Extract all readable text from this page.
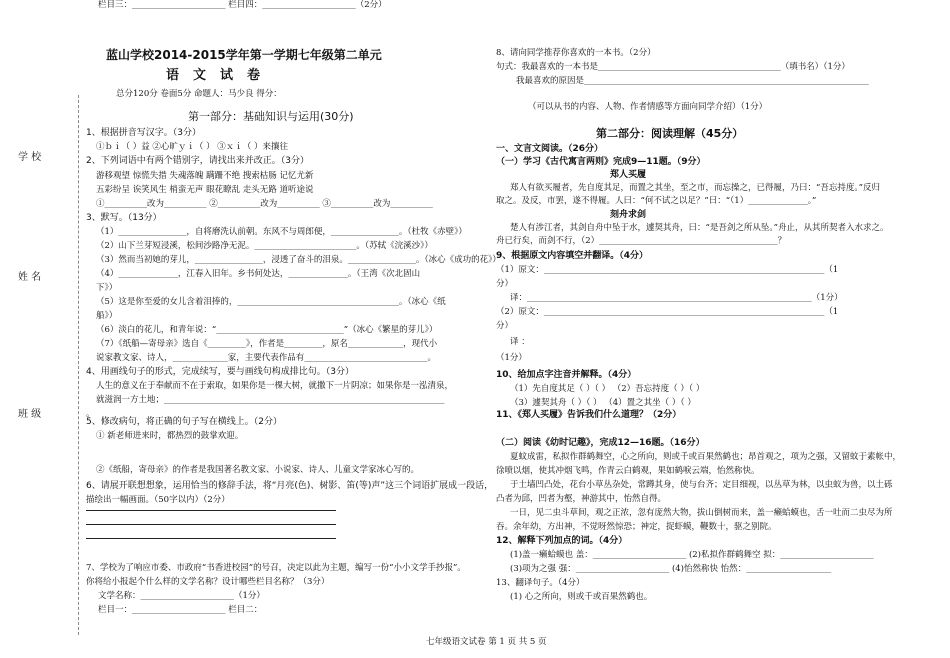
学 校
姓 名
班 级
蓝山学校2014-2015学年第一学期七年级第二单元
语文试卷
总分120分 卷面5分 命题人：马少良 得分：
第一部分：基础知识与运用(30分)
1、根据拼音写汉字。（3分）
①ｂｉ（ ）益 ②心旷ｙｉ（ ） ③ｘｉ（ ）来攘往
2、下列词语中有两个错别字，请找出来并改正。（3分）
游移观望 惊慌失措 失魂落魄 蹒跚不绝 搜索枯肠 记忆尤新
五彩纷呈 诶笑风生 梢蛮无声 眼花瞭乱 走头无路 道听途说
①__________改为__________ ②__________改为__________ ③__________改为__________
3、默写。（13分）
（1）________________，自将磨洗认前朝。东风不与周郎便，________________。（杜牧《赤壁》）
（2）山下兰芽短浸溪，松间沙路净无泥。________________________。（苏轼《浣溪沙》）
（3）然而当初她的芽儿，________________，浸透了奋斗的泪泉。________________。（冰心《成功的花》）
（4）______________，江春入旧年。乡书何处达，______________。（王湾《次北固山
下》）
（5）这是你至爱的女儿含着泪捧的，______________________________________。（冰心《纸
船》）
（6）淡白的花儿，和青年说：“______________________________”（冰心《繁星的芽儿》）
（7）《纸船—寄母亲》选自《_________》，作者是_________，原名_____________，现代小
说家教文家、诗人，_____________家，主要代表作品有_____________________________。
4、用画线句子的形式，完成续写，要与画线句构成排比句。（3分）
人生的意义在于奉献而不在于索取，如果你是一棵大树，就撒下一片阴凉；如果你是一泓清泉，
就滋润一方土地；__________________________________________________________________
。
5、修改病句，将正确的句子写在横线上。（2分）
① 新老师进来时，都热烈的鼓掌欢迎。
②《纸船，寄母亲》的作者是我国著名教文家、小说家、诗人、儿童文学家冰心写的。
6、请展开联想想象，运用恰当的修辞手法，将“月亮(色)、树影、笛(等)声”这三个词语扩展成一段话，
描绘出一幅画面。（50字以内）（2分）
7、学校为了响应市委、市政府“书香进校园”的号召，决定以此为主题，编写一份“小小文学手抄报”。
你将给小报起个什么样的文学名称？设计哪些栏目名称？（3分）
文学名称：______________________（1分）
栏目一：______________________ 栏目二：
栏目三：______________________ 栏目四：______________________（2分）
8、请向同学推荐你喜欢的一本书。（2分）
句式：我最喜欢的一本书是___________________________________________（填书名）（1分）
我最喜欢的原因是___________________________________________________________________
（可以从书的内容、人物、作者情感等方面向同学介绍）（1分）
一、文言文阅读。（26分）
（一）学习《古代寓言两则》完成9—11题。（9分）
郑人买履
郑人有欲买履者，先自度其足，而置之其坐，至之市，而忘操之，已得履，乃曰：“吾忘持度。”反归
取之。及反，市罢，遂不得履。人曰：“何不试之以足？”曰：“（1）______________。”
刻舟求剑
楚人有涉江者，其剑自舟中坠于水，遽契其舟，曰：“是吾剑之所从坠。”舟止，从其所契者入水求之。
舟已行矣，而剑不行，（2）__________________________________________？
9、根据原文内容填空并翻译。（4分）
（1）原文：__________________________________________________________________（1
分）
译：___________________________________________________________________（1分）
（2）原文：__________________________________________________________________（1
分）
译 ：
（1分）
10、给加点字注音并解释。（4分）
（1）先自度其足（ ）（ ） （2）吾忘持度（ ）（ ）
（3）遽契其舟（ ）（ ） （4）置之其坐（ ）（ ）
11、《郑人买履》告诉我们什么道理？（2分）
（二）阅读《幼时记趣》，完成12—16题。（16分）
夏蚊成雷，私拟作群鹤舞空，心之所向，则或千或百果然鹤也；昂首观之，项为之强，又留蚊于素帐中，
徐喷以烟，使其冲烟飞鸣，作青云白鹤观，果如鹤唳云端，怡然称快。
于土墙凹凸处，花台小草丛杂处，常蹲其身，使与台齐；定目细视，以丛草为林，以虫蚁为兽，以土砾
凸者为邱，凹者为壑，神游其中，怡然自得。
一日，见二虫斗草间，观之正浓，忽有庞然大物，拔山倒树而来，盖一癞蛤蟆也，舌一吐而二虫尽为所
吞。余年幼，方出神，不觉呀然惊恐；神定，捉虾蟆，鞭数十，驱之别院。
12、解释下列加点的词。（4分）
(1)盖一癞蛤蟆也 盖：______________________ (2)私拟作群鹤舞空 拟：______________________
(3)项为之强 强：______________________ (4)怡然称快 怡然：____________________
13、翻译句子。（4分）
(1) 心之所向，则或千或百果然鹤也。
第二部分：阅读理解（45分）
七年级语文试卷 第 1 页 共 5 页
